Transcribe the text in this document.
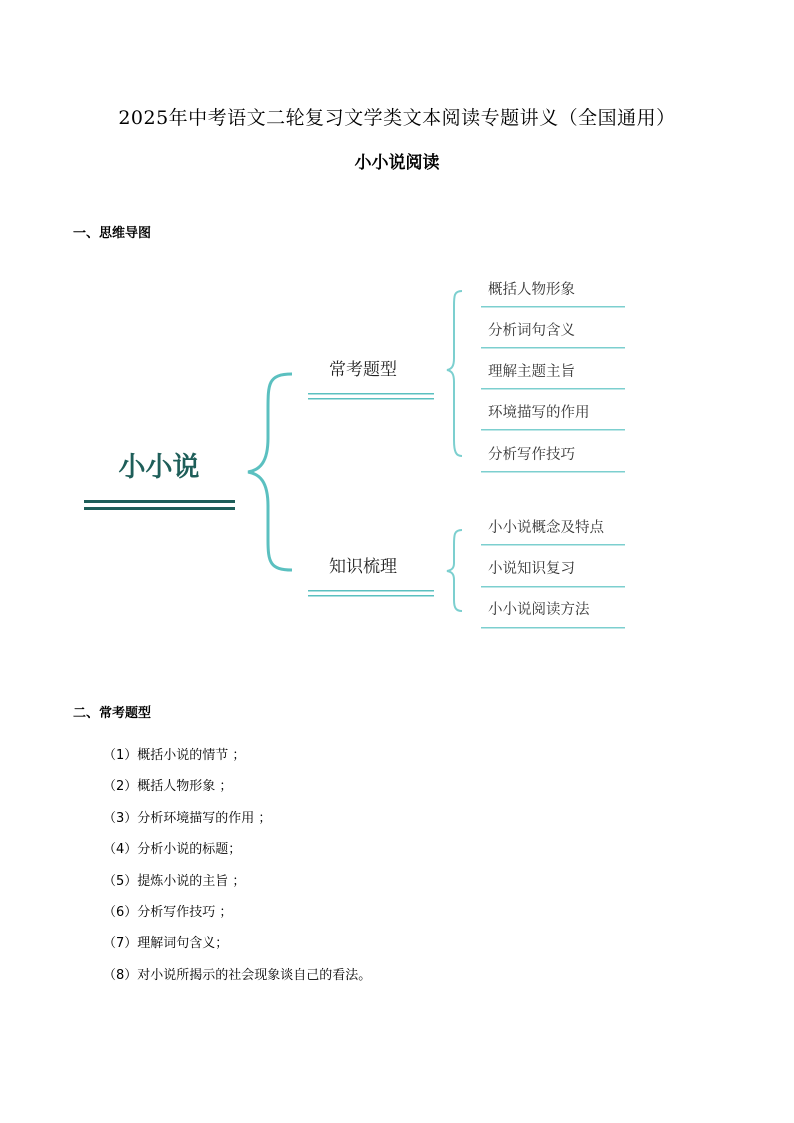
2025年中考语文二轮复习文学类文本阅读专题讲义（全国通用）
小小说阅读
一、思维导图
小小说
常考题型
概括人物形象
分析词句含义
理解主题主旨
环境描写的作用
分析写作技巧
知识梳理
小小说概念及特点
小说知识复习
小小说阅读方法
二、常考题型
（1）概括小说的情节 ；
（2）概括人物形象 ；
（3）分析环境描写的作用 ；
（4）分析小说的标题；
（5）提炼小说的主旨 ；
（6）分析写作技巧 ；
（7）理解词句含义；
（8）对小说所揭示的社会现象谈自己的看法。
